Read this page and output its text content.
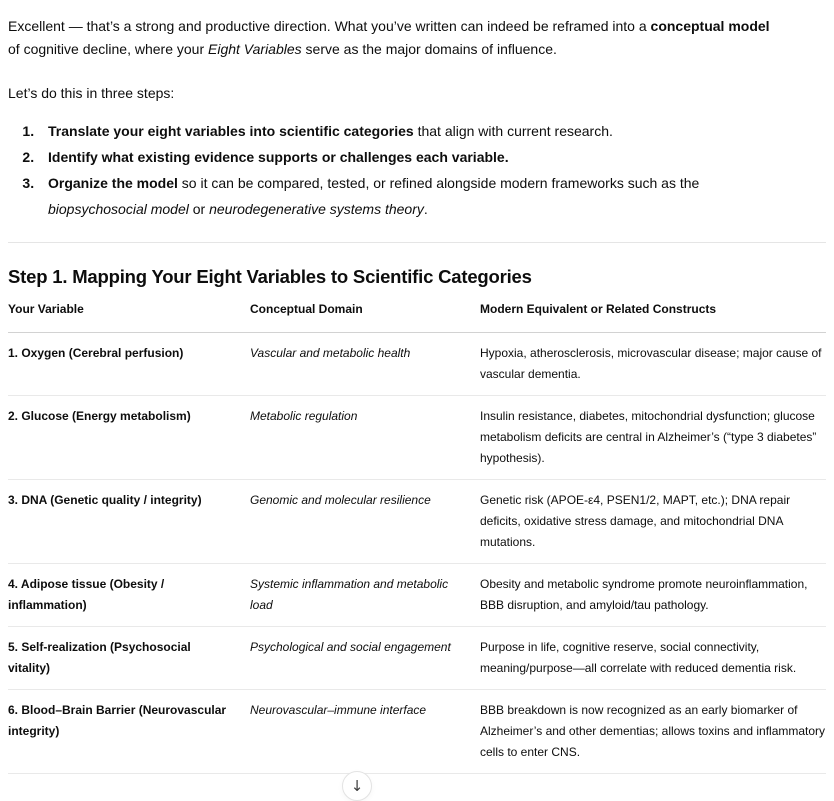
Excellent — that’s a strong and productive direction. What you’ve written can indeed be reframed into a conceptual model of cognitive decline, where your Eight Variables serve as the major domains of influence.

Let’s do this in three steps:

1. Translate your eight variables into scientific categories that align with current research.
2. Identify what existing evidence supports or challenges each variable.
3. Organize the model so it can be compared, tested, or refined alongside modern frameworks such as the biopsychosocial model or neurodegenerative systems theory.
Step 1. Mapping Your Eight Variables to Scientific Categories
Your Variable	Conceptual Domain	Modern Equivalent or Related Constructs
1. Oxygen (Cerebral perfusion)	Vascular and metabolic health	Hypoxia, atherosclerosis, microvascular disease; major cause of vascular dementia.
2. Glucose (Energy metabolism)	Metabolic regulation	Insulin resistance, diabetes, mitochondrial dysfunction; glucose metabolism deficits are central in Alzheimer’s (“type 3 diabetes” hypothesis).
3. DNA (Genetic quality / integrity)	Genomic and molecular resilience	Genetic risk (APOE-ε4, PSEN1/2, MAPT, etc.); DNA repair deficits, oxidative stress damage, and mitochondrial DNA mutations.
4. Adipose tissue (Obesity / inflammation)	Systemic inflammation and metabolic load	Obesity and metabolic syndrome promote neuroinflammation, BBB disruption, and amyloid/tau pathology.
5. Self-realization (Psychosocial vitality)	Psychological and social engagement	Purpose in life, cognitive reserve, social connectivity, meaning/purpose—all correlate with reduced dementia risk.
6. Blood–Brain Barrier (Neurovascular integrity)	Neurovascular–immune interface	BBB breakdown is now recognized as an early biomarker of Alzheimer’s and other dementias; allows toxins and inflammatory cells to enter CNS.
↓
